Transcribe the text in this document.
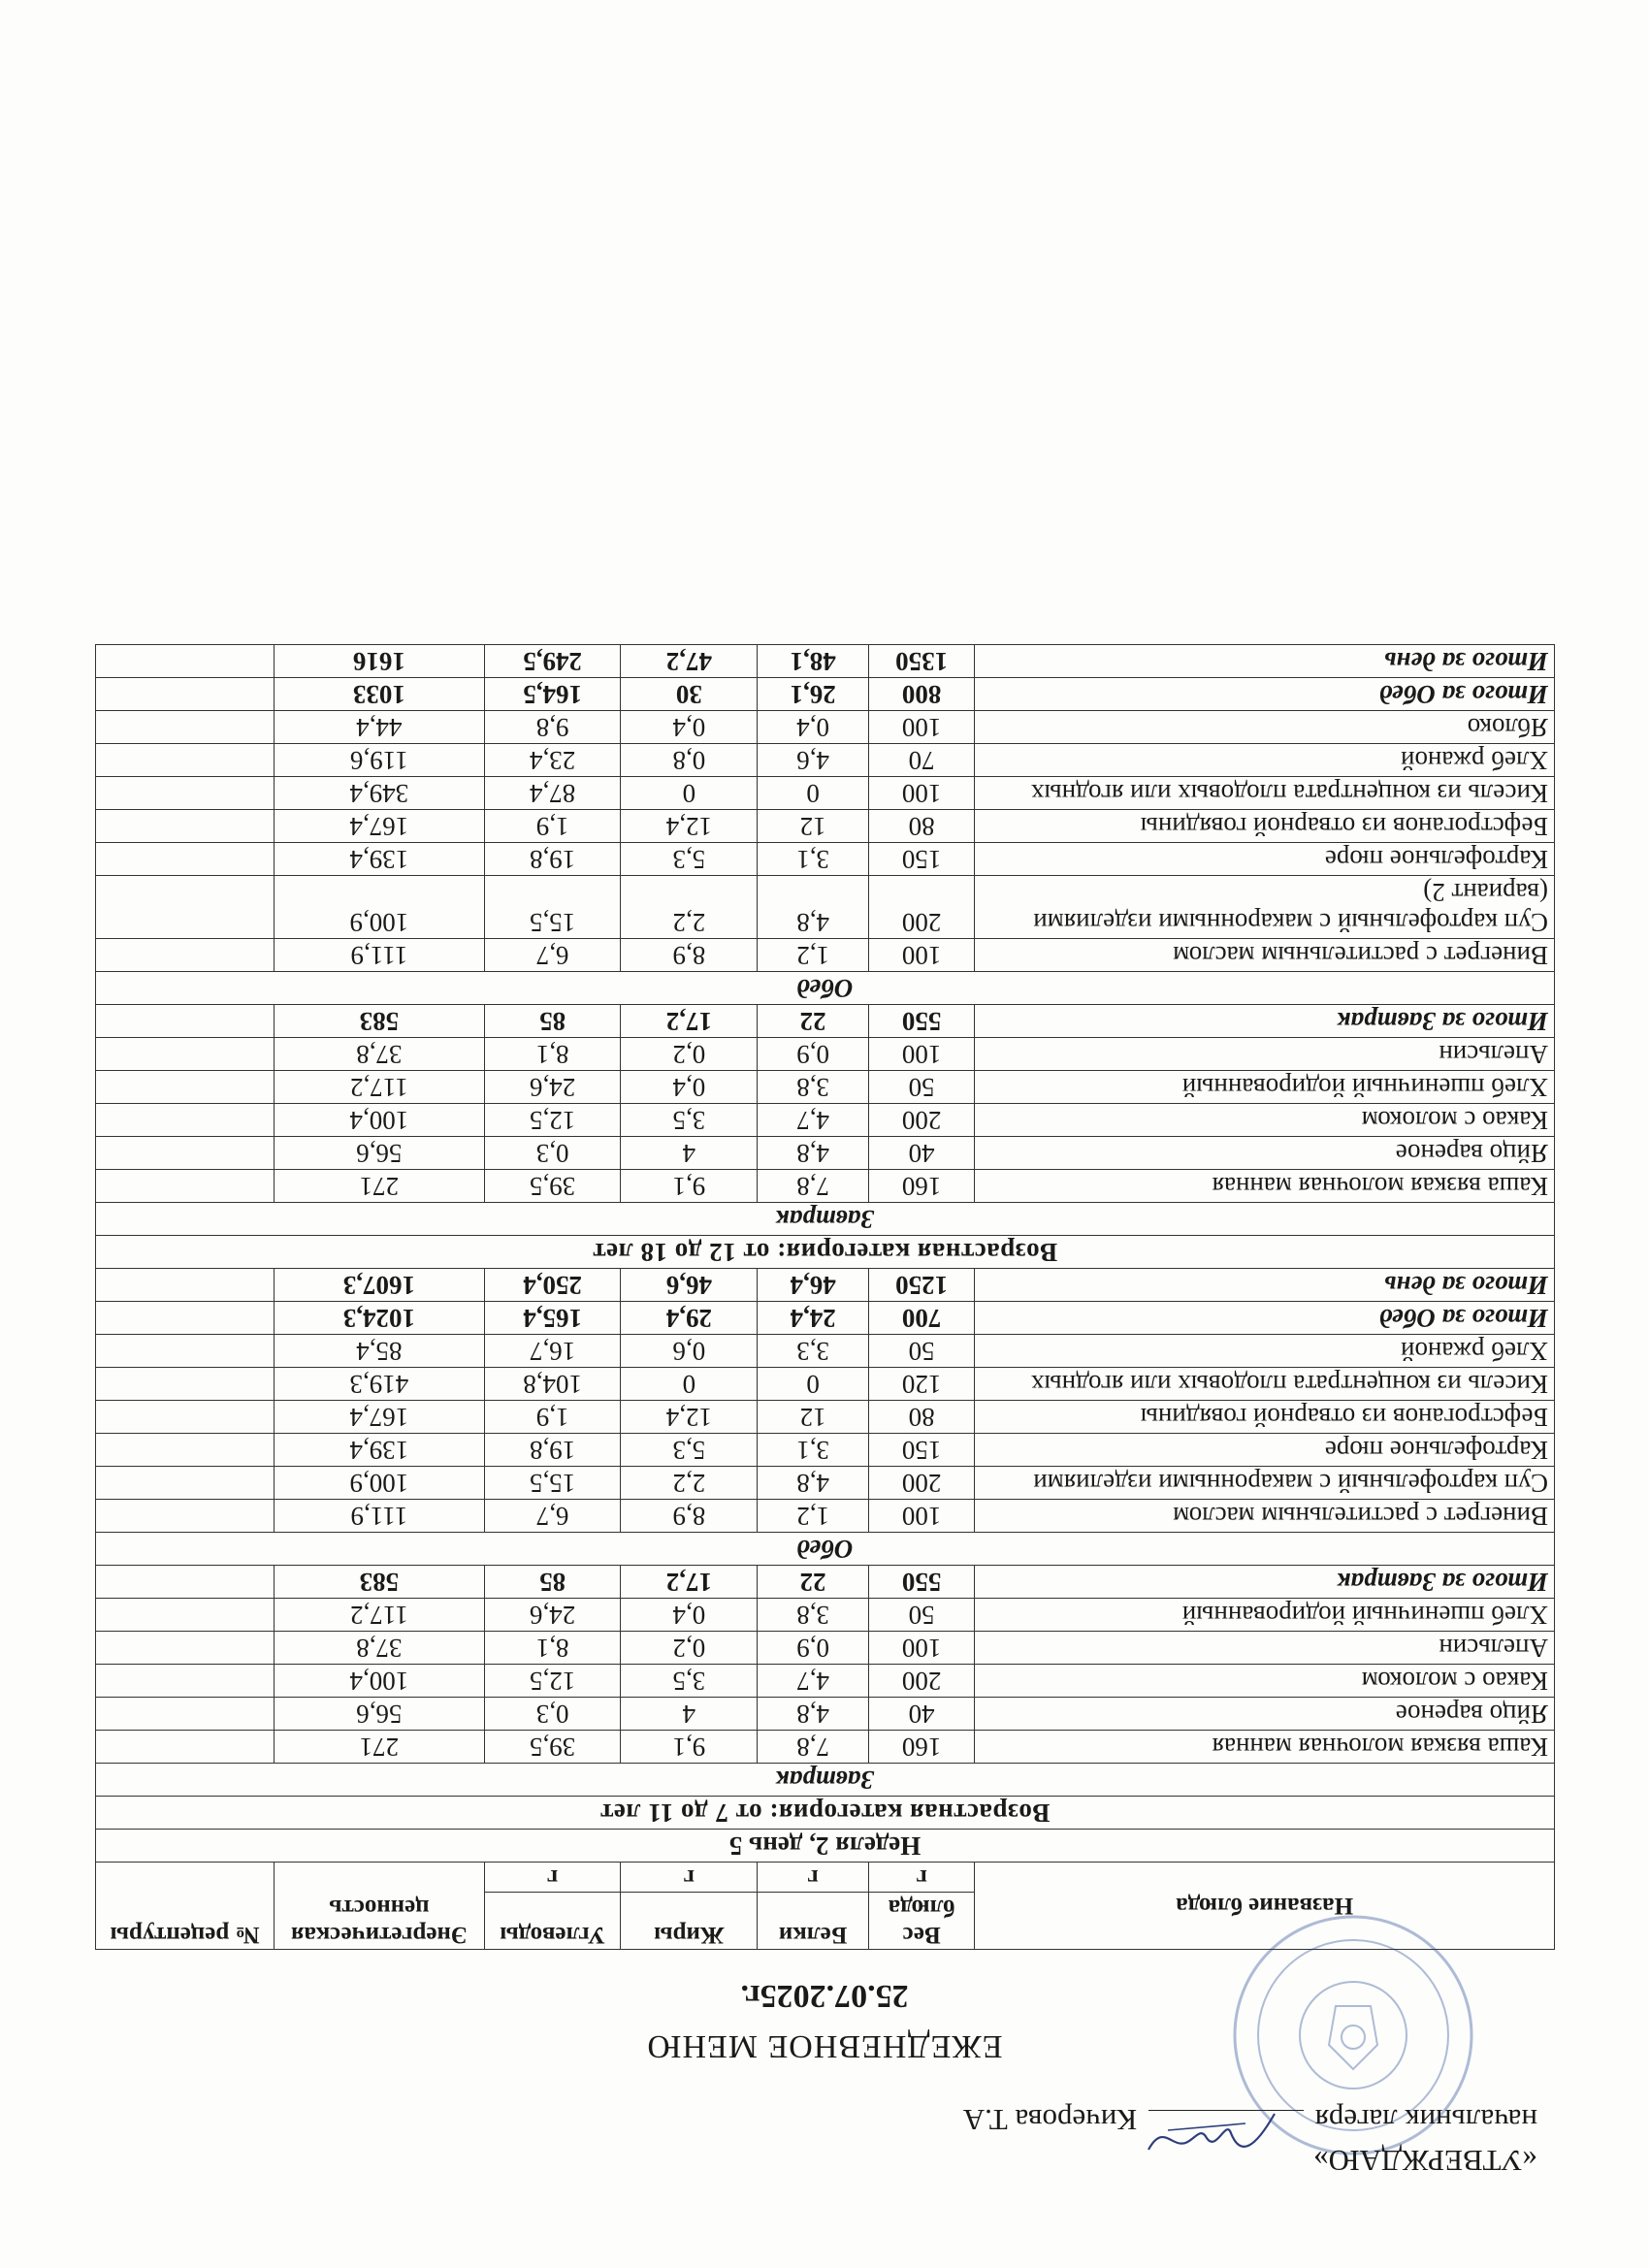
«УТВЕРЖДАЮ»
начальник лагеря
Кичерова Т.А
ЕЖЕДНЕВНОЕ МЕНЮ
25.07.2025г.
Название блюда	Вес блюда	Белки	Жиры	Углеводы	Энергетическая ценность	№ рецептуры
	г	г	г	г		
Неделя 2, день 5						
Возрастная категория: от 7 до 11 лет						
Завтрак						
Каша вязкая молочная манная	160	7,8	9,1	39,5	271	
Яйцо вареное	40	4,8	4	0,3	56,6	
Какао с молоком	200	4,7	3,5	12,5	100,4	
Апельсин	100	0,9	0,2	8,1	37,8	
Хлеб пшеничный йодированный	50	3,8	0,4	24,6	117,2	
Итого за Завтрак	550	22	17,2	85	583	
Обед						
Винегрет с растительным маслом	100	1,2	8,9	6,7	111,9	
Суп картофельный с макаронными изделиями	200	4,8	2,2	15,5	100,9	
Картофельное пюре	150	3,1	5,3	19,8	139,4	
Бефстроганов из отварной говядины	80	12	12,4	1,9	167,4	
Кисель из концентрата плодовых или ягодных	120	0	0	104,8	419,3	
Хлеб ржаной	50	3,3	0,6	16,7	85,4	
Итого за Обед	700	24,4	29,4	165,4	1024,3	
Итого за день	1250	46,4	46,6	250,4	1607,3	
Возрастная категория: от 12 до 18 лет						
Завтрак						
Каша вязкая молочная манная	160	7,8	9,1	39,5	271	
Яйцо вареное	40	4,8	4	0,3	56,6	
Какао с молоком	200	4,7	3,5	12,5	100,4	
Хлеб пшеничный йодированный	50	3,8	0,4	24,6	117,2	
Апельсин	100	0,9	0,2	8,1	37,8	
Итого за Завтрак	550	22	17,2	85	583	
Обед						
Винегрет с растительным маслом	100	1,2	8,9	6,7	111,9	
Суп картофельный с макаронными изделиями (вариант 2)	200	4,8	2,2	15,5	100,9	
Картофельное пюре	150	3,1	5,3	19,8	139,4	
Бефстроганов из отварной говядины	80	12	12,4	1,9	167,4	
Кисель из концентрата плодовых или ягодных	100	0	0	87,4	349,4	
Хлеб ржаной	70	4,6	0,8	23,4	119,6	
Яблоко	100	0,4	0,4	9,8	44,4	
Итого за Обед	800	26,1	30	164,5	1033	
Итого за день	1350	48,1	47,2	249,5	1616	
